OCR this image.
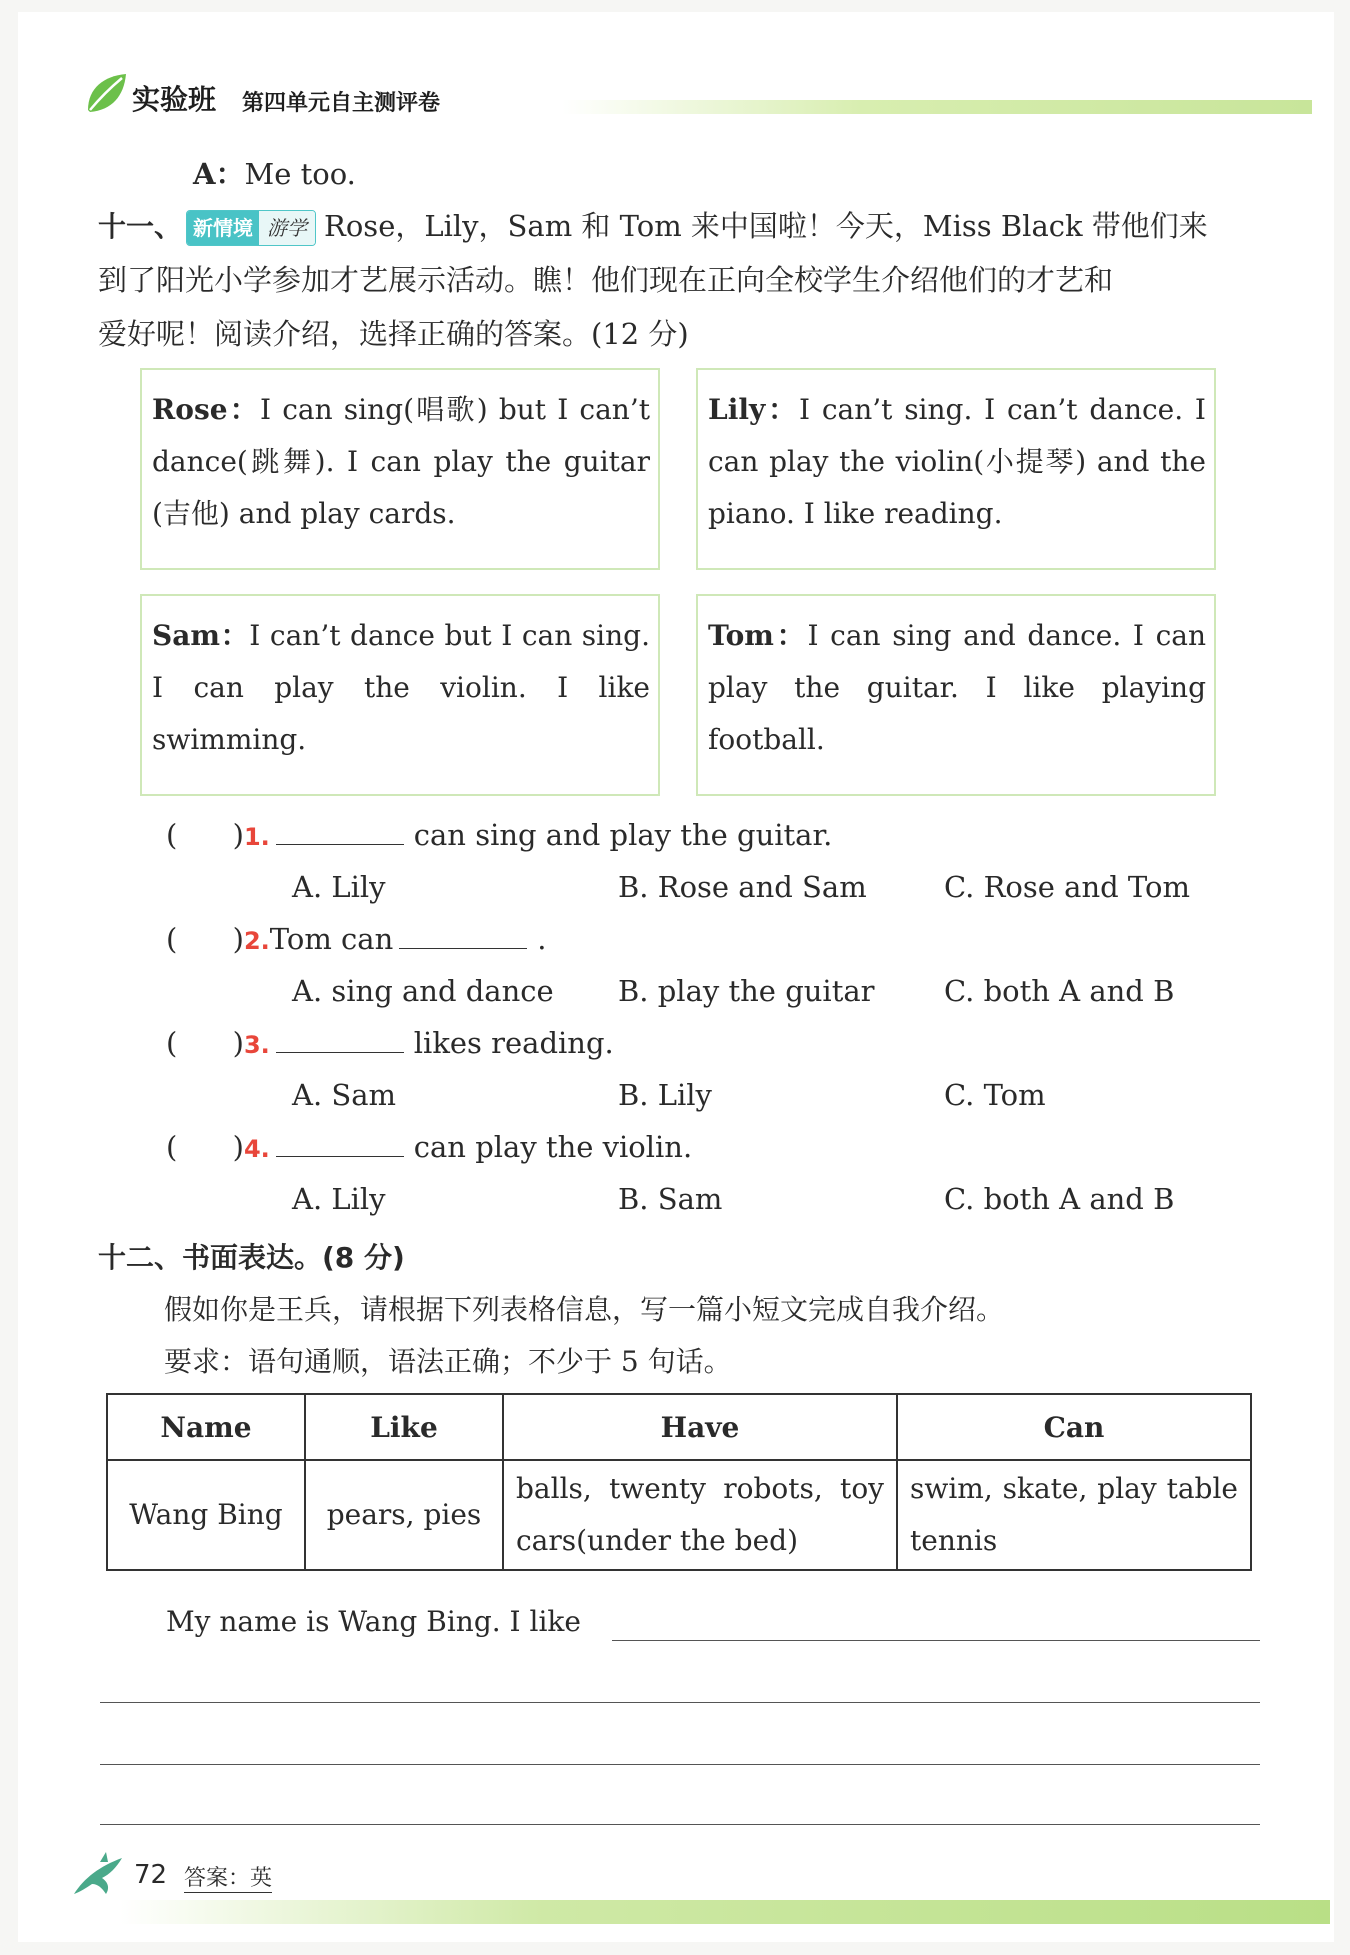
实验班 第四单元自主测评卷
A：Me too.
十一、 新情境 游学 Rose，Lily，Sam 和 Tom 来中国啦！今天，Miss Black 带他们来
到了阳光小学参加才艺展示活动。瞧！他们现在正向全校学生介绍他们的才艺和
爱好呢！阅读介绍，选择正确的答案。(12 分)
Rose：I can sing(唱歌) but I can’t dance(跳舞). I can play the guitar (吉他) and play cards.
Lily：I can’t sing. I can’t dance. I can play the violin(小提琴) and the piano. I like reading.
Sam：I can’t dance but I can sing. I can play the violin. I like swimming.
Tom：I can sing and dance. I can play the guitar. I like playing football.
(      )1.	can sing and play the guitar.
A. Lily	B. Rose and Sam	C. Rose and Tom
(      )2.Tom can	.
A. sing and dance B. play the guitar C. both A and B
(      )3.	likes reading.
A. Sam	B. Lily	C. Tom
(      )4.	can play the violin.
A. Lily	B. Sam	C. both A and B
十二、书面表达。(8 分)
假如你是王兵，请根据下列表格信息，写一篇小短文完成自我介绍。
要求：语句通顺，语法正确；不少于 5 句话。
Name	Like	Have	Can
Wang Bing	pears, pies	balls, twenty robots, toy cars(under the bed)	swim, skate, play table tennis
My name is Wang Bing. I like
72 答案：英
